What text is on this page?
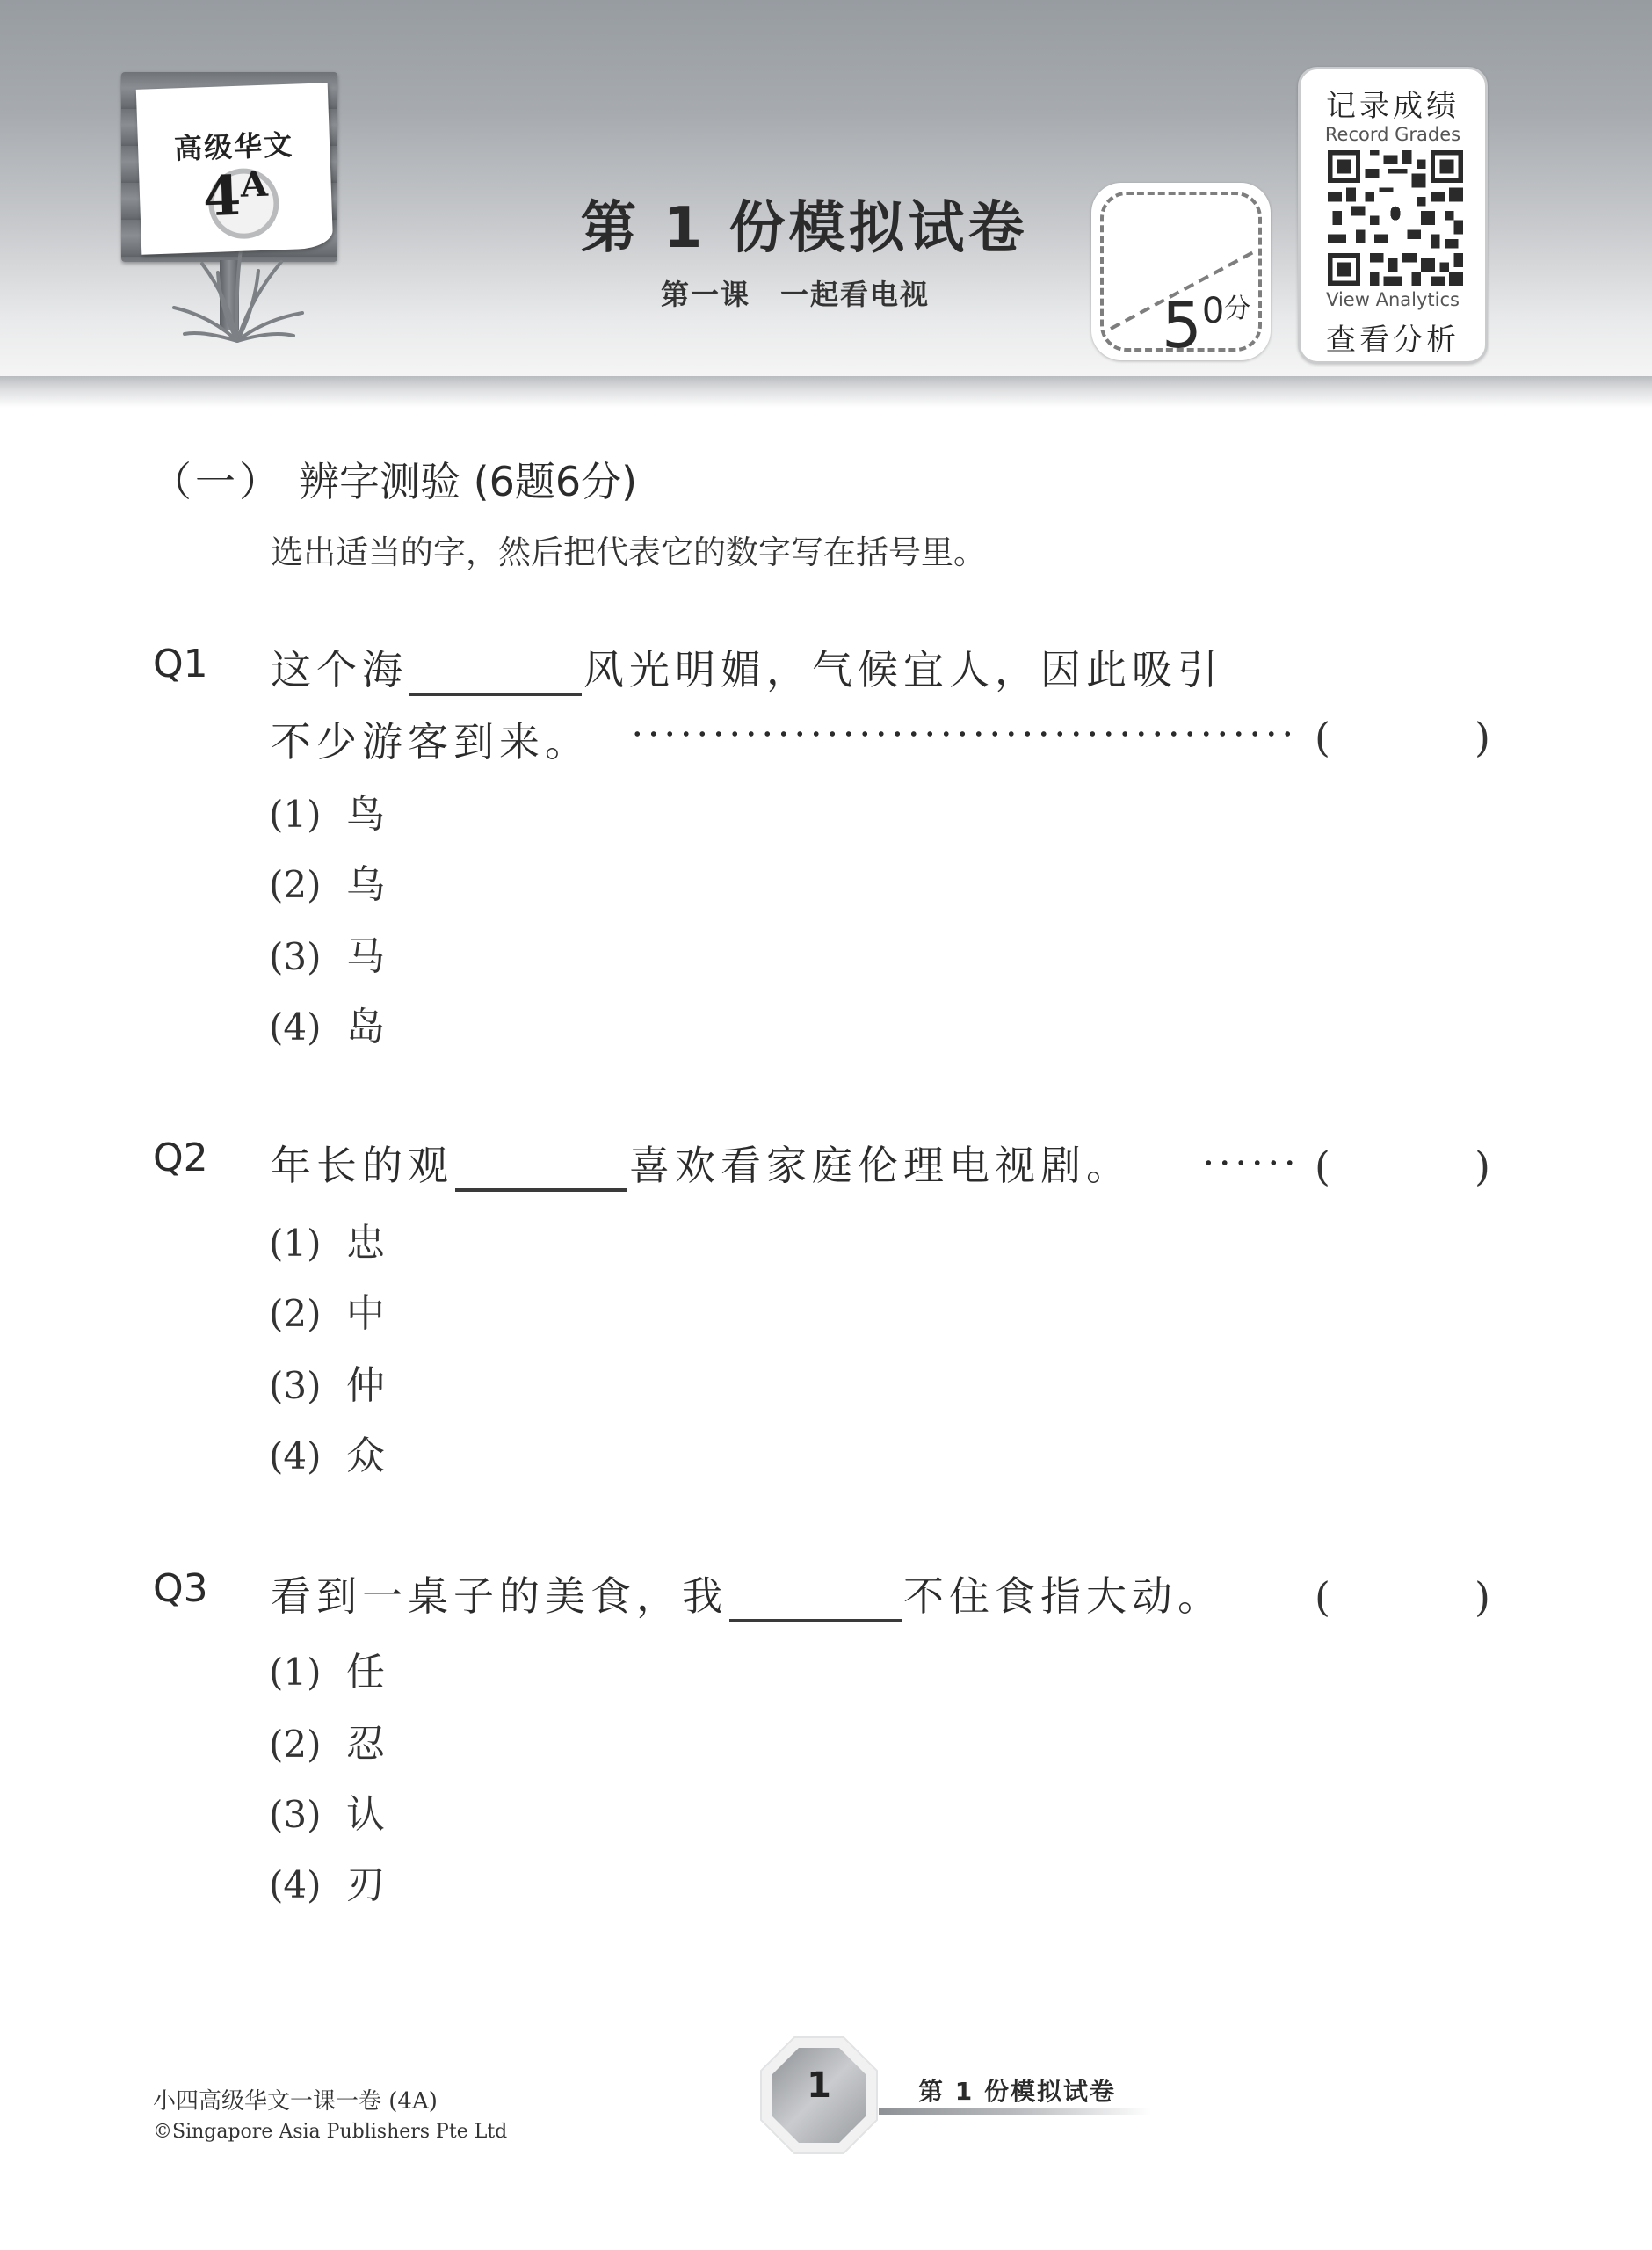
高级华文
4A
第 1 份模拟试卷
第一课　一起看电视	50分
记录成绩
Record Grades
View Analytics
查看分析
（一） 辨字测验 (6题6分)
选出适当的字，然后把代表它的数字写在括号里。
Q1 这个海	风光明媚，气候宜人，因此吸引
不少游客到来。	(	)
(1) 鸟
(2) 乌
(3) 马
(4) 岛
Q2 年长的观	喜欢看家庭伦理电视剧。	(	)
(1) 忠
(2) 中
(3) 仲
(4) 众
Q3 看到一桌子的美食，我	不住食指大动。 (	)
(1) 任
(2) 忍
(3) 认
(4) 刃
小四高级华文一课一卷 (4A)
©Singapore Asia Publishers Pte Ltd
1	第 1 份模拟试卷
